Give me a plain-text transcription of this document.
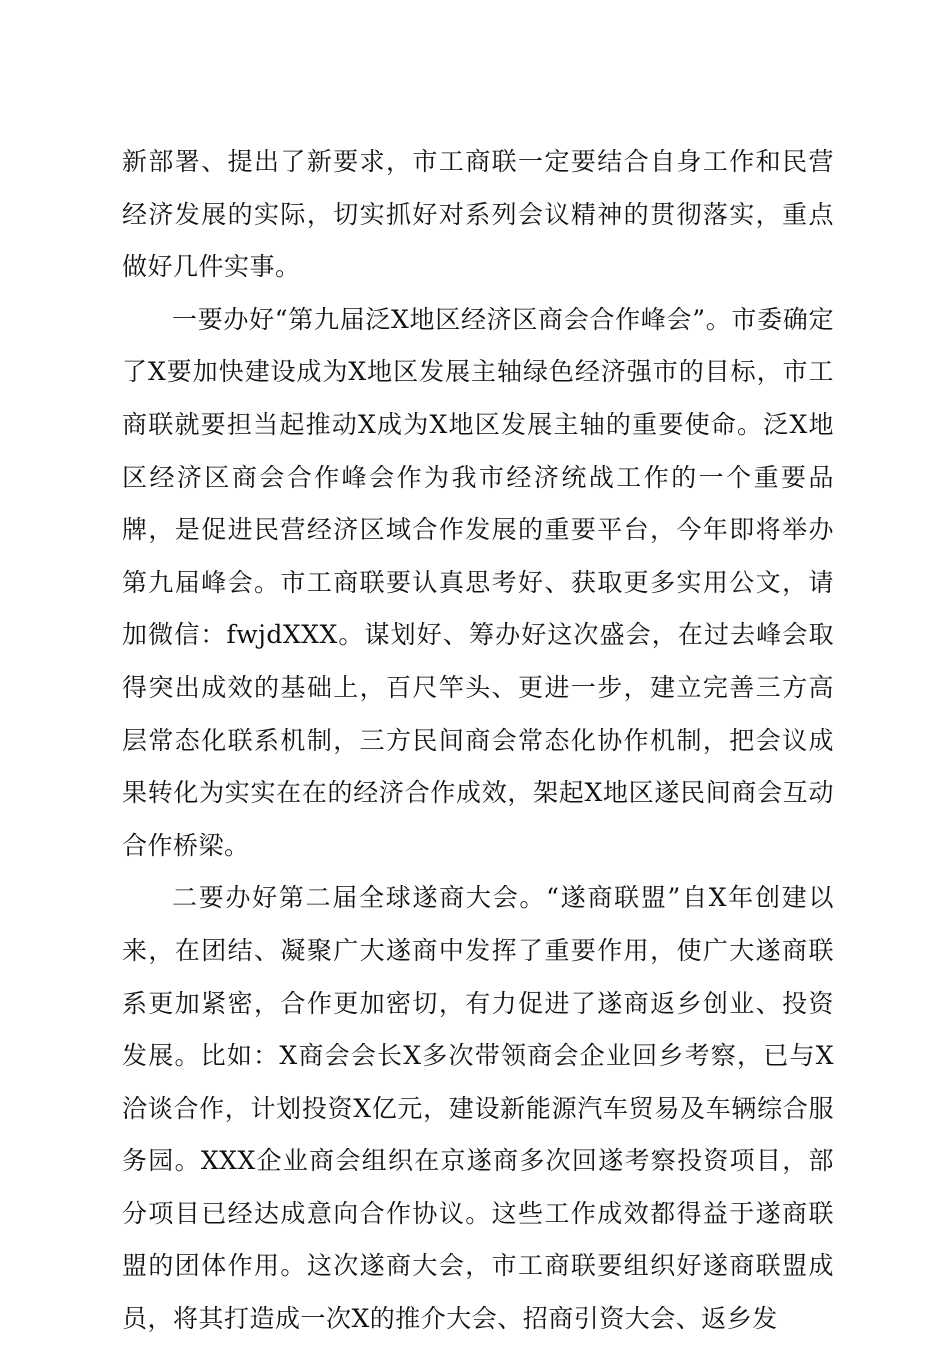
新部署、提出了新要求，市工商联一定要结合自身工作和民营经济发展的实际，切实抓好对系列会议精神的贯彻落实，重点做好几件实事。

一要办好“第九届泛X地区经济区商会合作峰会”。市委确定了X要加快建设成为X地区发展主轴绿色经济强市的目标，市工商联就要担当起推动X成为X地区发展主轴的重要使命。泛X地区经济区商会合作峰会作为我市经济统战工作的一个重要品牌，是促进民营经济区域合作发展的重要平台，今年即将举办第九届峰会。市工商联要认真思考好、获取更多实用公文，请加微信：fwjdXXX。谋划好、筹办好这次盛会，在过去峰会取得突出成效的基础上，百尺竿头、更进一步，建立完善三方高层常态化联系机制，三方民间商会常态化协作机制，把会议成果转化为实实在在的经济合作成效，架起X地区遂民间商会互动合作桥梁。

二要办好第二届全球遂商大会。“遂商联盟”自X年创建以来，在团结、凝聚广大遂商中发挥了重要作用，使广大遂商联系更加紧密，合作更加密切，有力促进了遂商返乡创业、投资发展。比如：X商会会长X多次带领商会企业回乡考察，已与X洽谈合作，计划投资X亿元，建设新能源汽车贸易及车辆综合服务园。XXX企业商会组织在京遂商多次回遂考察投资项目，部分项目已经达成意向合作协议。这些工作成效都得益于遂商联盟的团体作用。这次遂商大会，市工商联要组织好遂商联盟成员，将其打造成一次X的推介大会、招商引资大会、返乡发
